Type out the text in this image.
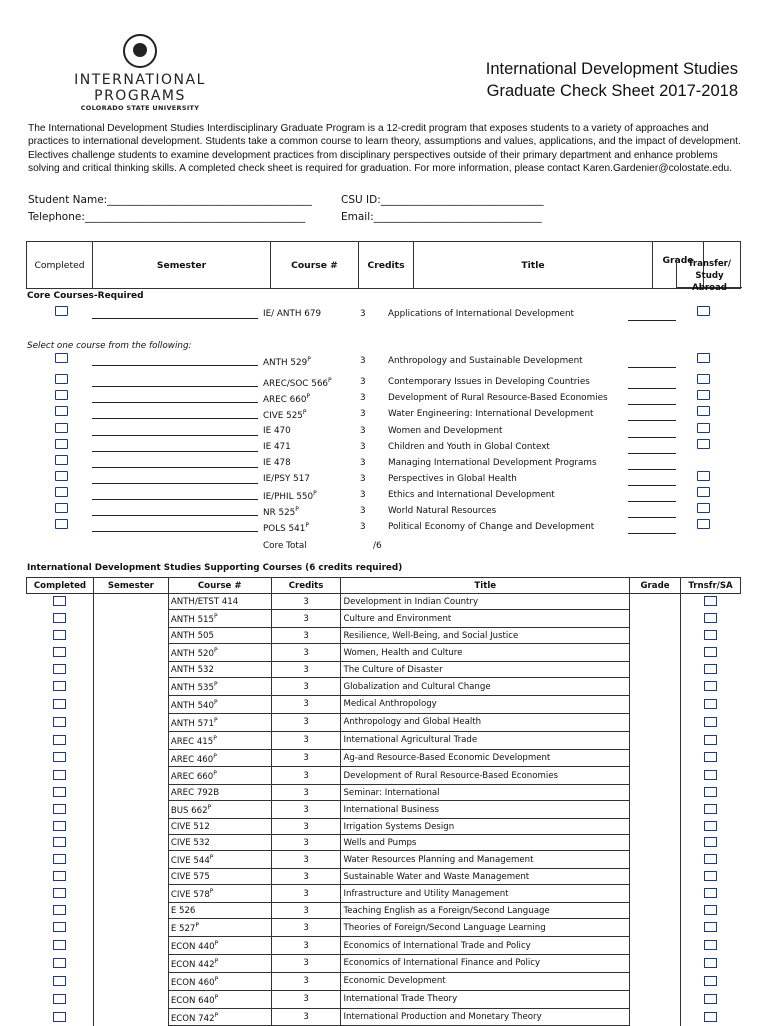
INTERNATIONAL PROGRAMS
COLORADO STATE UNIVERSITY
International Development Studies
Graduate Check Sheet 2017-2018
The International Development Studies Interdisciplinary Graduate Program is a 12-credit program that exposes students to a variety of approaches and practices to international development. Students take a common course to learn theory, assumptions and values, applications, and the impact of development. Electives challenge students to examine development practices from disciplinary perspectives outside of their primary department and enhance problems solving and critical thinking skills. A completed check sheet is required for graduation. For more information, please contact Karen.Gardenier@colostate.edu.
Student Name:_______________________________________	CSU ID:_______________________________
Telephone:__________________________________________	Email:________________________________
Completed	Semester	Course #	Credits	Title	Grade
Transfer/ Study Abroad
Core Courses-Required
IE/ ANTH 679	3	Applications of International Development
Select one course from the following:
ANTH $529^P$	3	Anthropology and Sustainable Development
AREC/SOC $566^P$	3	Contemporary Issues in Developing Countries
AREC $660^P$	3	Development of Rural Resource-Based Economies
CIVE $525^P$	3	Water Engineering: International Development
IE 470	3	Women and Development
IE 471	3	Children and Youth in Global Context
IE 478	3	Managing International Development Programs
IE/PSY 517	3	Perspectives in Global Health
IE/PHIL $550^P$	3	Ethics and International Development
NR $525^P$	3	World Natural Resources
POLS $541^P$	3	Political Economy of Change and Development
Core Total	/6
International Development Studies Supporting Courses (6 credits required)
Completed	Semester	Course #	Credits	Title	Grade	Trnsfr/SA
		ANTH/ETST 414	3	Development in Indian Country		
		ANTH $515^P$	3	Culture and Environment		
		ANTH 505	3	Resilience, Well-Being, and Social Justice		
		ANTH $520^P$	3	Women, Health and Culture		
		ANTH 532	3	The Culture of Disaster		
		ANTH $535^P$	3	Globalization and Cultural Change		
		ANTH $540^P$	3	Medical Anthropology		
		ANTH $571^P$	3	Anthropology and Global Health		
		AREC $415^P$	3	International Agricultural Trade		
		AREC $460^P$	3	Ag-and Resource-Based Economic Development		
		AREC $660^P$	3	Development of Rural Resource-Based Economies		
		AREC 792B	3	Seminar: International		
		BUS $662^P$	3	International Business		
		CIVE 512	3	Irrigation Systems Design		
		CIVE 532	3	Wells and Pumps		
		CIVE $544^P$	3	Water Resources Planning and Management		
		CIVE 575	3	Sustainable Water and Waste Management		
		CIVE $578^P$	3	Infrastructure and Utility Management		
		E 526	3	Teaching English as a Foreign/Second Language		
		E $527^P$	3	Theories of Foreign/Second Language Learning		
		ECON $440^P$	3	Economics of International Trade and Policy		
		ECON $442^P$	3	Economics of International Finance and Policy		
		ECON $460^P$	3	Economic Development		
		ECON $640^P$	3	International Trade Theory		
		ECON $742^P$	3	International Production and Monetary Theory		
